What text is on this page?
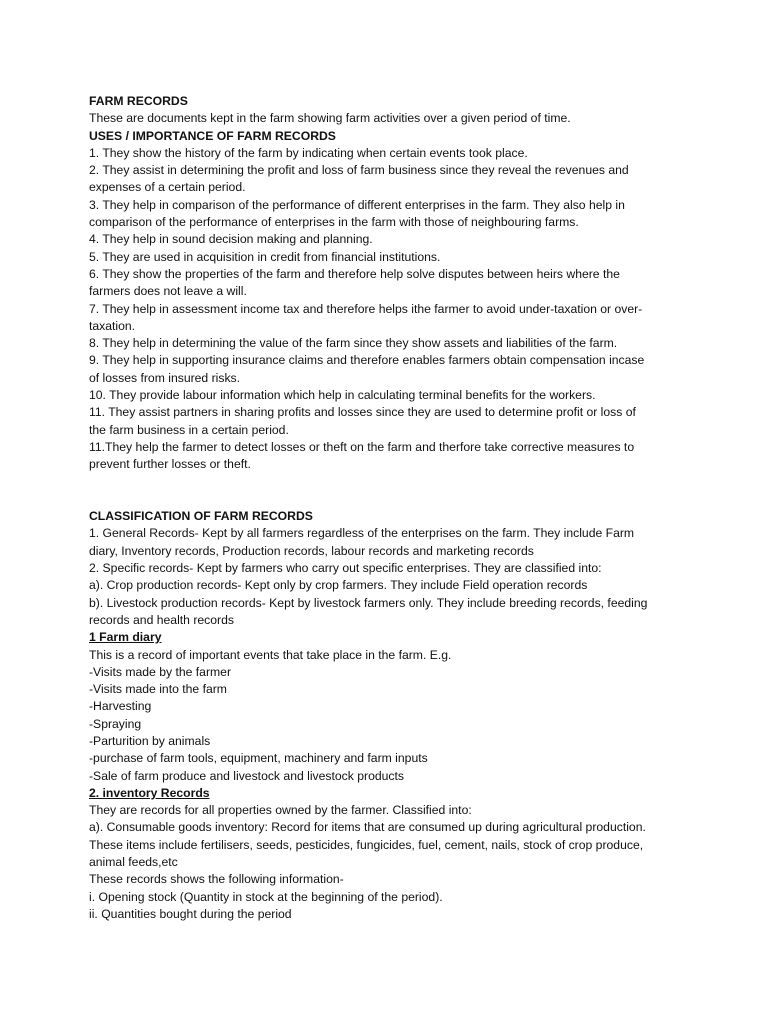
FARM RECORDS
These are documents kept in the farm showing farm activities over a given period of time.
USES / IMPORTANCE OF FARM RECORDS
1. They show the history of the farm by indicating when certain events took place.
2. They assist in determining the profit and loss of farm business since they reveal the revenues and
expenses of a certain period.
3. They help in comparison of the performance of different enterprises in the farm. They also help in
comparison of the performance of enterprises in the farm with those of neighbouring farms.
4. They help in sound decision making and planning.
5. They are used in acquisition in credit from financial institutions.
6. They show the properties of the farm and therefore help solve disputes between heirs where the
farmers does not leave a will.
7. They help in assessment income tax and therefore helps ithe farmer to avoid under-taxation or over-
taxation.
8. They help in determining the value of the farm since they show assets and liabilities of the farm.
9. They help in supporting insurance claims and therefore enables farmers obtain compensation incase
of losses from insured risks.
10. They provide labour information which help in calculating terminal benefits for the workers.
11. They assist partners in sharing profits and losses since they are used to determine profit or loss of
the farm business in a certain period.
11.They help the farmer to detect losses or theft on the farm and therfore take corrective measures to
prevent further losses or theft.
CLASSIFICATION OF FARM RECORDS
1. General Records- Kept by all farmers regardless of the enterprises on the farm. They include Farm
diary, Inventory records, Production records, labour records and marketing records
2. Specific records- Kept by farmers who carry out specific enterprises. They are classified into:
a). Crop production records- Kept only by crop farmers. They include Field operation records
b). Livestock production records- Kept by livestock farmers only. They include breeding records, feeding
records and health records
1 Farm diary
This is a record of important events that take place in the farm. E.g.
-Visits made by the farmer
-Visits made into the farm
-Harvesting
-Spraying
-Parturition by animals
-purchase of farm tools, equipment, machinery and farm inputs
-Sale of farm produce and livestock and livestock products
2. inventory Records
They are records for all properties owned by the farmer. Classified into:
a). Consumable goods inventory: Record for items that are consumed up during agricultural production.
These items include fertilisers, seeds, pesticides, fungicides, fuel, cement, nails, stock of crop produce,
animal feeds,etc
These records shows the following information-
i. Opening stock (Quantity in stock at the beginning of the period).
ii. Quantities bought during the period
